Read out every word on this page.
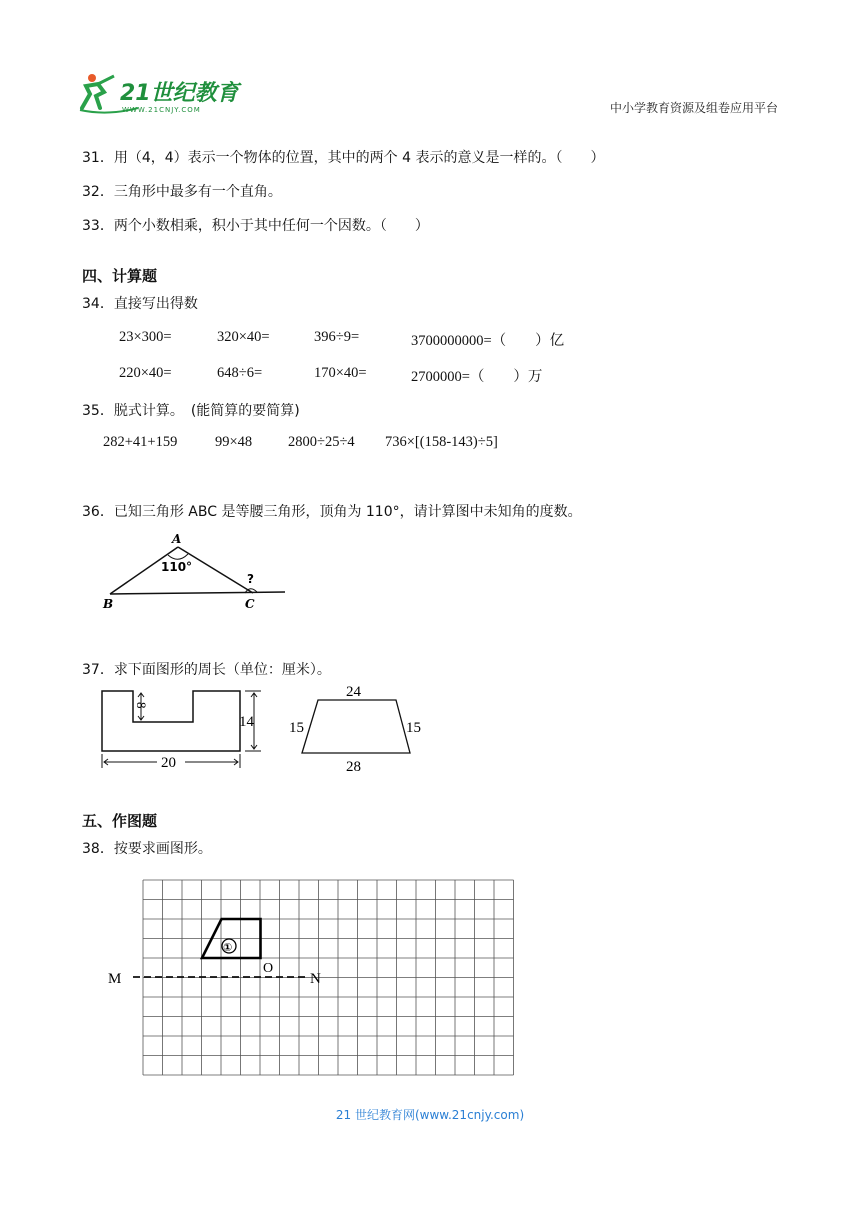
21世纪教育
WWW.21CNJY.COM	中小学教育资源及组卷应用平台
31．用（4，4）表示一个物体的位置，其中的两个 4 表示的意义是一样的。（　　）
32．三角形中最多有一个直角。
33．两个小数相乘，积小于其中任何一个因数。（　　）
四、计算题
34．直接写出得数
23×300=	320×40=	396÷9=	3700000000=（　　）亿
220×40=	648÷6=	170×40=	2700000=（　　）万
35．脱式计算。　(能简算的要简算)
282+41+159	99×48 2800÷25÷4 736×[(158-143)÷5]
36．已知三角形 ABC 是等腰三角形，顶角为 110°，请计算图中未知角的度数。
A
110°
?
B	C
37．求下面图形的周长（单位：厘米）。
8
14
20
24
15	15
28
五、作图题
38．按要求画图形。
M	N
O
①
21 世纪教育网(www.21cnjy.com)
